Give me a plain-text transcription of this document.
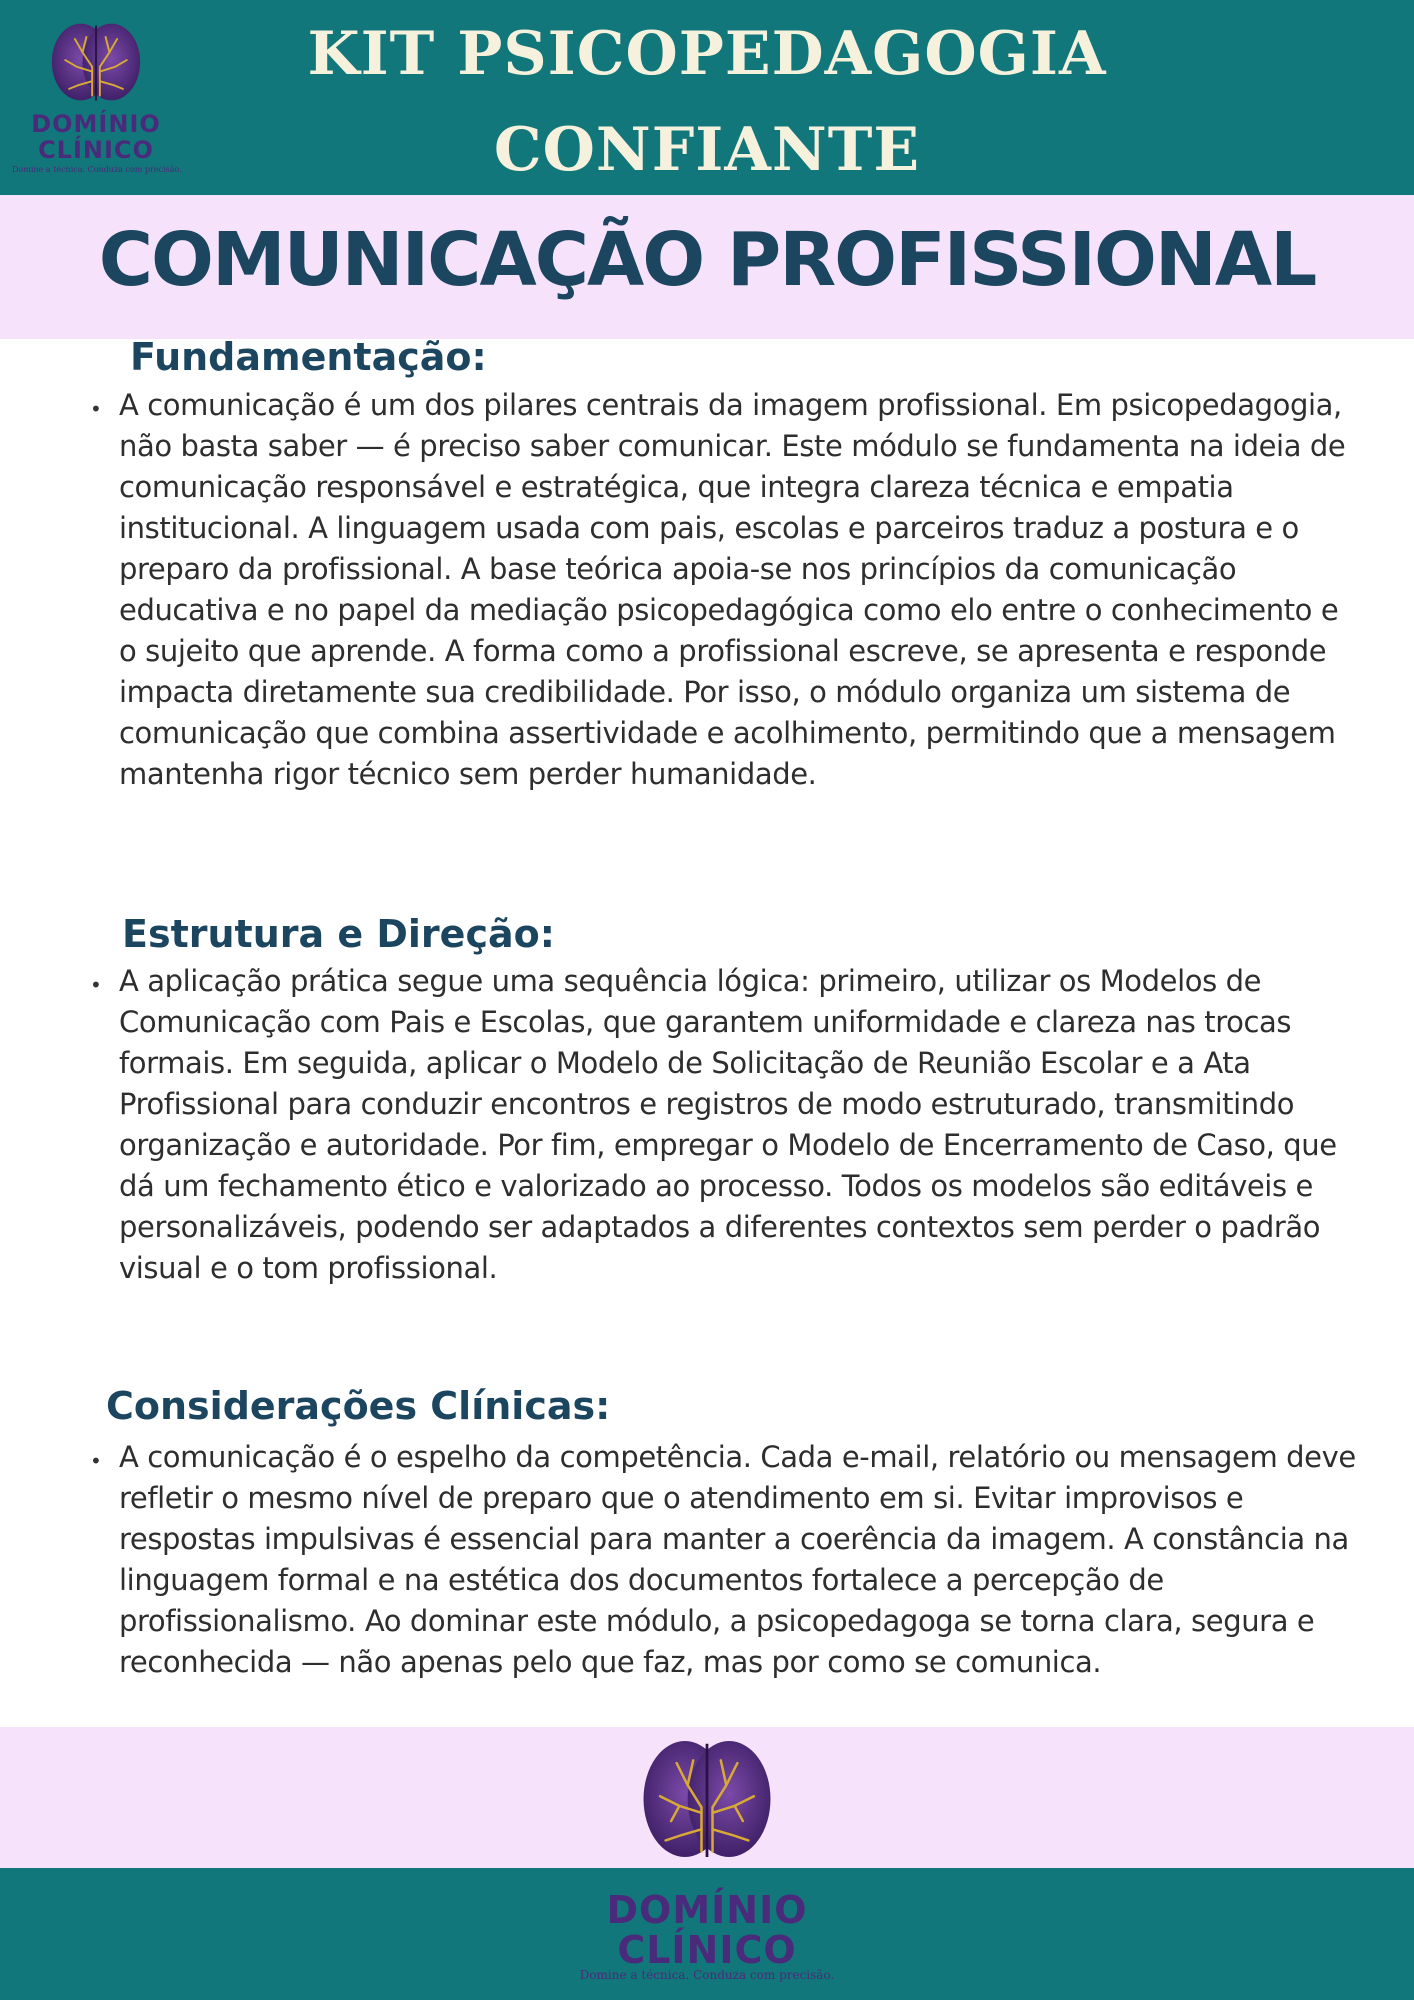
DOMÍNIO
CLÍNICO
Domine a técnica. Conduza com precisão.
KIT PSICOPEDAGOGIA CONFIANTE
COMUNICAÇÃO PROFISSIONAL
Fundamentação:
• A comunicação é um dos pilares centrais da imagem profissional. Em psicopedagogia, não basta saber — é preciso saber comunicar. Este módulo se fundamenta na ideia de comunicação responsável e estratégica, que integra clareza técnica e empatia institucional. A linguagem usada com pais, escolas e parceiros traduz a postura e o preparo da profissional. A base teórica apoia-se nos princípios da comunicação educativa e no papel da mediação psicopedagógica como elo entre o conhecimento e o sujeito que aprende. A forma como a profissional escreve, se apresenta e responde impacta diretamente sua credibilidade. Por isso, o módulo organiza um sistema de comunicação que combina assertividade e acolhimento, permitindo que a mensagem mantenha rigor técnico sem perder humanidade.

Estrutura e Direção:
• A aplicação prática segue uma sequência lógica: primeiro, utilizar os Modelos de Comunicação com Pais e Escolas, que garantem uniformidade e clareza nas trocas formais. Em seguida, aplicar o Modelo de Solicitação de Reunião Escolar e a Ata Profissional para conduzir encontros e registros de modo estruturado, transmitindo organização e autoridade. Por fim, empregar o Modelo de Encerramento de Caso, que dá um fechamento ético e valorizado ao processo. Todos os modelos são editáveis e personalizáveis, podendo ser adaptados a diferentes contextos sem perder o padrão visual e o tom profissional.

Considerações Clínicas:
• A comunicação é o espelho da competência. Cada e-mail, relatório ou mensagem deve refletir o mesmo nível de preparo que o atendimento em si. Evitar improvisos e respostas impulsivas é essencial para manter a coerência da imagem. A constância na linguagem formal e na estética dos documentos fortalece a percepção de profissionalismo. Ao dominar este módulo, a psicopedagoga se torna clara, segura e reconhecida — não apenas pelo que faz, mas por como se comunica.

DOMÍNIO
CLÍNICO
Domine a técnica. Conduza com precisão.
